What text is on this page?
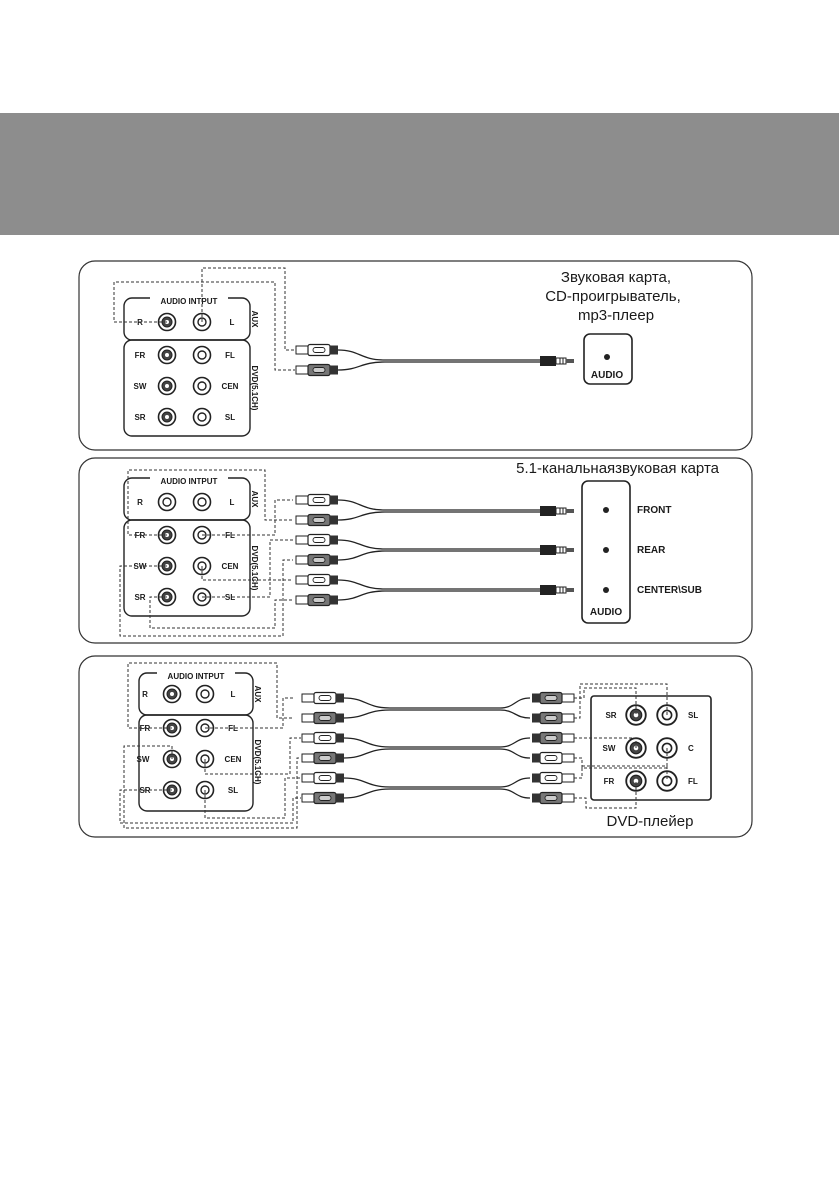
AUDIO INTPUT
AUX
DVD(5.1CH)
R	L
FR	FL
SW	CEN
SR	SL
AUDIO
Звуковая карта,
CD-проигрыватель,
mp3-плеер
AUDIO INTPUT
AUX
DVD(5.1CH)
R	L
FR	FL
SW	CEN
SR	SL
AUDIO
FRONT
REAR
CENTER\SUB
5.1-канальнаязвуковая карта
AUDIO INTPUT
AUX
DVD(5.1CH)
R	L
FR	FL
SW	CEN
SR	SL
SR	SL
SW	C
FR	FL
DVD-плейер
